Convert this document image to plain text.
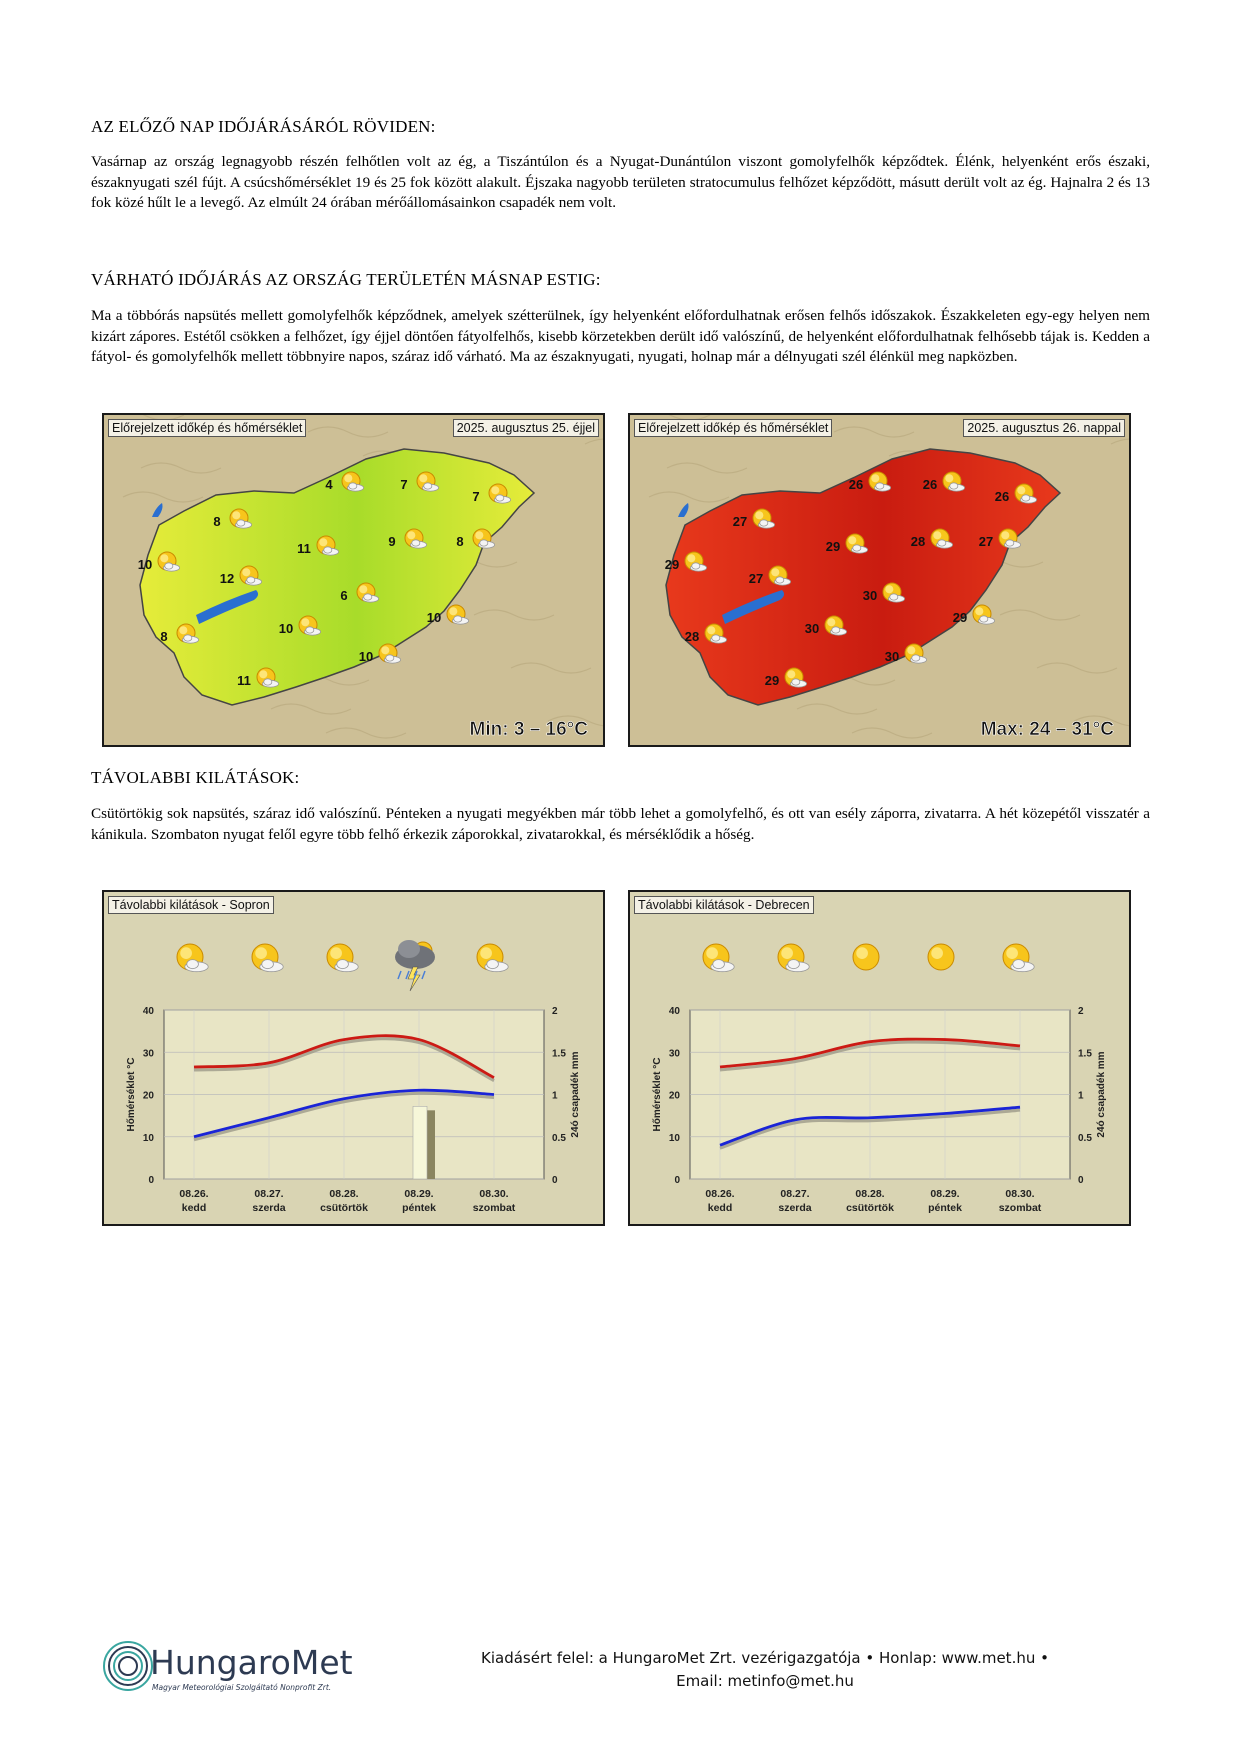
AZ ELŐZŐ NAP IDŐJÁRÁSÁRÓL RÖVIDEN:

Vasárnap az ország legnagyobb részén felhőtlen volt az ég, a Tiszántúlon és a Nyugat-Dunántúlon viszont gomolyfelhők képződtek. Élénk, helyenként erős északi, északnyugati szél fújt. A csúcshőmérséklet 19 és 25 fok között alakult. Éjszaka nagyobb területen stratocumulus felhőzet képződött, másutt derült volt az ég. Hajnalra 2 és 13 fok közé hűlt le a levegő. Az elmúlt 24 órában mérőállomásainkon csapadék nem volt.

VÁRHATÓ IDŐJÁRÁS AZ ORSZÁG TERÜLETÉN MÁSNAP ESTIG:

Ma a többórás napsütés mellett gomolyfelhők képződnek, amelyek szétterülnek, így helyenként előfordulhatnak erősen felhős időszakok. Északkeleten egy-egy helyen nem kizárt zápores. Estétől csökken a felhőzet, így éjjel döntően fátyolfelhős, kisebb körzetekben derült idő valószínű, de helyenként előfordulhatnak felhősebb tájak is. Kedden a fátyol- és gomolyfelhők mellett többnyire napos, száraz idő várható. Ma az északnyugati, nyugati, holnap már a délnyugati szél élénkül meg napközben.

TÁVOLABBI KILÁTÁSOK:

Csütörtökig sok napsütés, száraz idő valószínű. Pénteken a nyugati megyékben már több lehet a gomolyfelhő, és ott van esély záporra, zivatarra. A hét közepétől visszatér a kánikula. Szombaton nyugat felől egyre több felhő érkezik záporokkal, zivatarokkal, és mérséklődik a hőség.

8
4	7
7
10
12
11	9	8
6
10
10
8
10
11
Min: 3 – 16°C
Előrejelzett időkép és hőmérséklet	2025. augusztus 25. éjjel
26	26
26
27
29
27
29	28	27
30
30
29
28
30
29
Max: 24 – 31°C
Előrejelzett időkép és hőmérséklet	2025. augusztus 26. nappal
0
10
20
30
40
0
0.5
1
1.5
2
Hőmérséklet °C	24ó csapadék mm
08.26.
kedd
08.27.
szerda
08.28.
csütörtök
08.29.
péntek
08.30.
szombat
Távolabbi kilátások - Sopron
0
10
20
30
40
0
0.5
1
1.5
2
Hőmérséklet °C	24ó csapadék mm
08.26.
kedd
08.27.
szerda
08.28.
csütörtök
08.29.
péntek
08.30.
szombat
Távolabbi kilátások - Debrecen
HungaroMet
Magyar Meteorológiai Szolgáltató Nonprofit Zrt.
Kiadásért felel: a HungaroMet Zrt. vezérigazgatója • Honlap: www.met.hu •
Email: metinfo@met.hu
